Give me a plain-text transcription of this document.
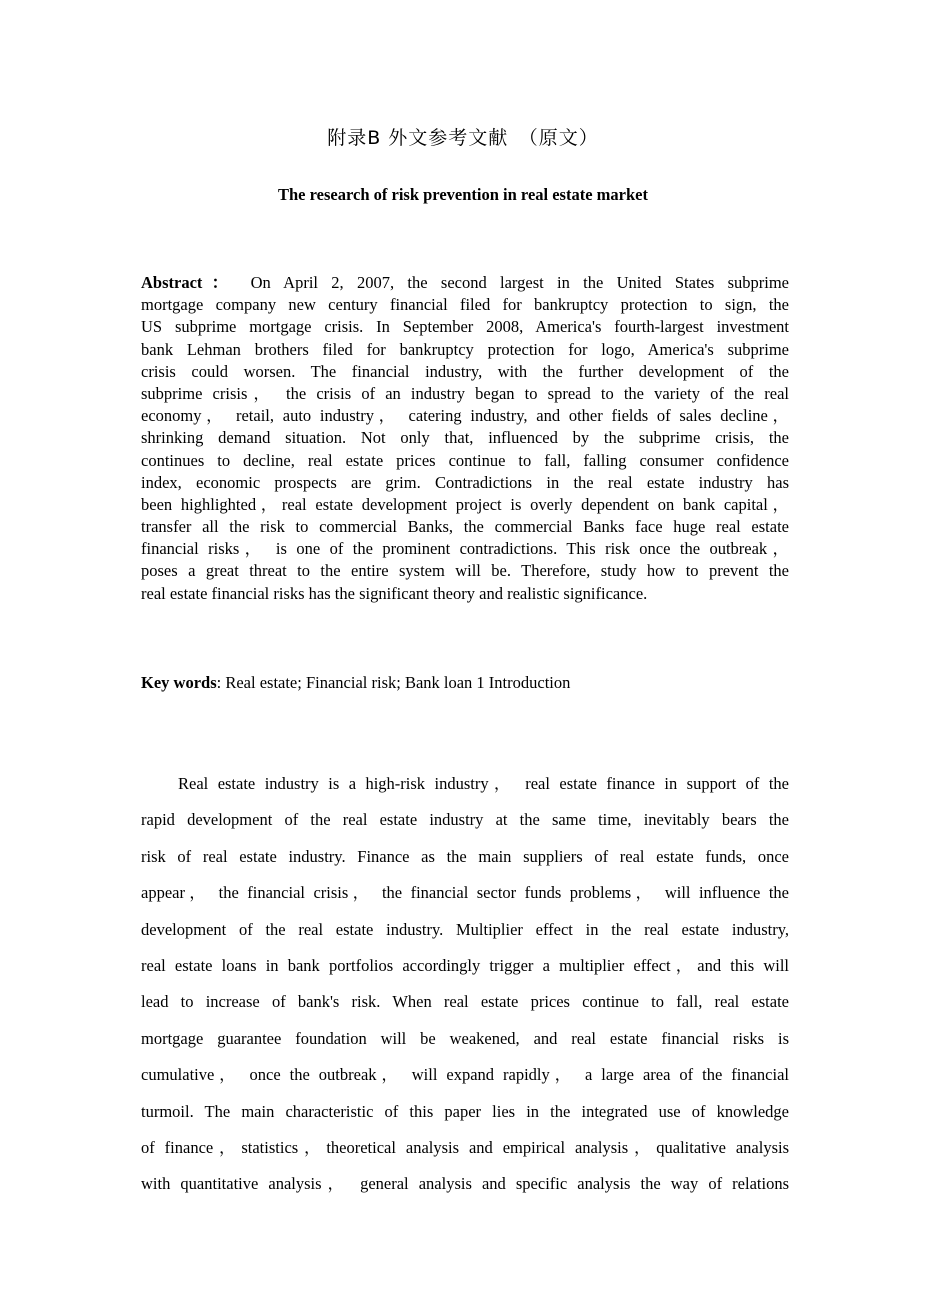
附录B 外文参考文献　（原文）
The research of risk prevention in real estate market
Abstract： On April 2, 2007, the second largest in the United States subprime
mortgage company new century financial filed for bankruptcy protection to sign, the
US subprime mortgage crisis. In September 2008, America's fourth-largest investment
bank Lehman brothers filed for bankruptcy protection for logo, America's subprime
crisis could worsen. The financial industry, with the further development of the
subprime crisis， the crisis of an industry began to spread to the variety of the real
economy， retail, auto industry， catering industry, and other fields of sales decline，
shrinking demand situation. Not only that, influenced by the subprime crisis, the
continues to decline, real estate prices continue to fall, falling consumer confidence
index, economic prospects are grim. Contradictions in the real estate industry has
been highlighted，real estate development project is overly dependent on bank capital，
transfer all the risk to commercial Banks, the commercial Banks face huge real estate
financial risks， is one of the prominent contradictions. This risk once the outbreak，
poses a great threat to the entire system will be. Therefore, study how to prevent the
real estate financial risks has the significant theory and realistic significance.
Key words: Real estate; Financial risk; Bank loan 1 Introduction
Real estate industry is a high-risk industry， real estate finance in support of the
rapid development of the real estate industry at the same time, inevitably bears the
risk of real estate industry. Finance as the main suppliers of real estate funds, once
appear， the financial crisis， the financial sector funds problems， will influence the
development of the real estate industry. Multiplier effect in the real estate industry,
real estate loans in bank portfolios accordingly trigger a multiplier effect，and this will
lead to increase of bank's risk. When real estate prices continue to fall, real estate
mortgage guarantee foundation will be weakened, and real estate financial risks is
cumulative， once the outbreak， will expand rapidly， a large area of the financial
turmoil. The main characteristic of this paper lies in the integrated use of knowledge
of finance，statistics，theoretical analysis and empirical analysis，qualitative analysis
with quantitative analysis， general analysis and specific analysis the way of relations
